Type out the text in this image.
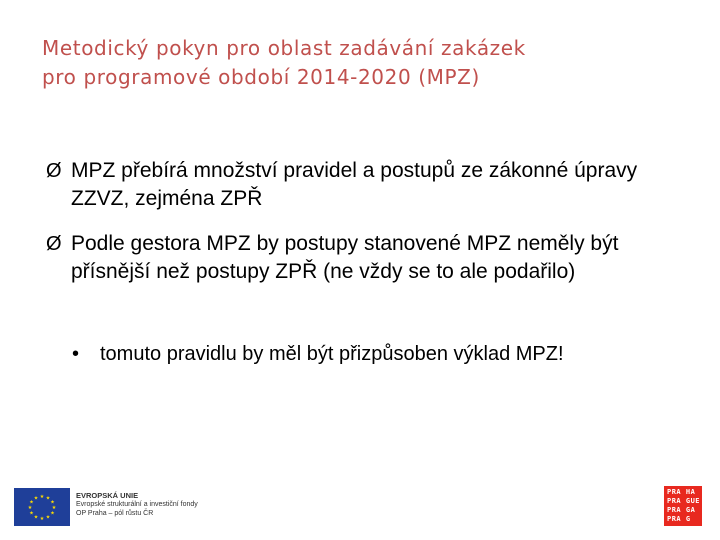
Metodický pokyn pro oblast zadávání zakázek
pro programové období 2014-2020 (MPZ)
Ø MPZ přebírá množství pravidel a postupů ze zákonné úpravy ZZVZ, zejména ZPŘ
Ø Podle gestora MPZ by postupy stanovené MPZ neměly být přísnější než postupy ZPŘ (ne vždy se to ale podařilo)
• tomuto pravidlu by měl být přizpůsoben výklad MPZ!
★ ★
★
★
★
★
★
★
★
★
★
★	EVROPSKÁ UNIE
Evropské strukturální a investiční fondy
OP Praha – pól růstu ČR
PRA HA
PRA GUE
PRA GA
PRA G
